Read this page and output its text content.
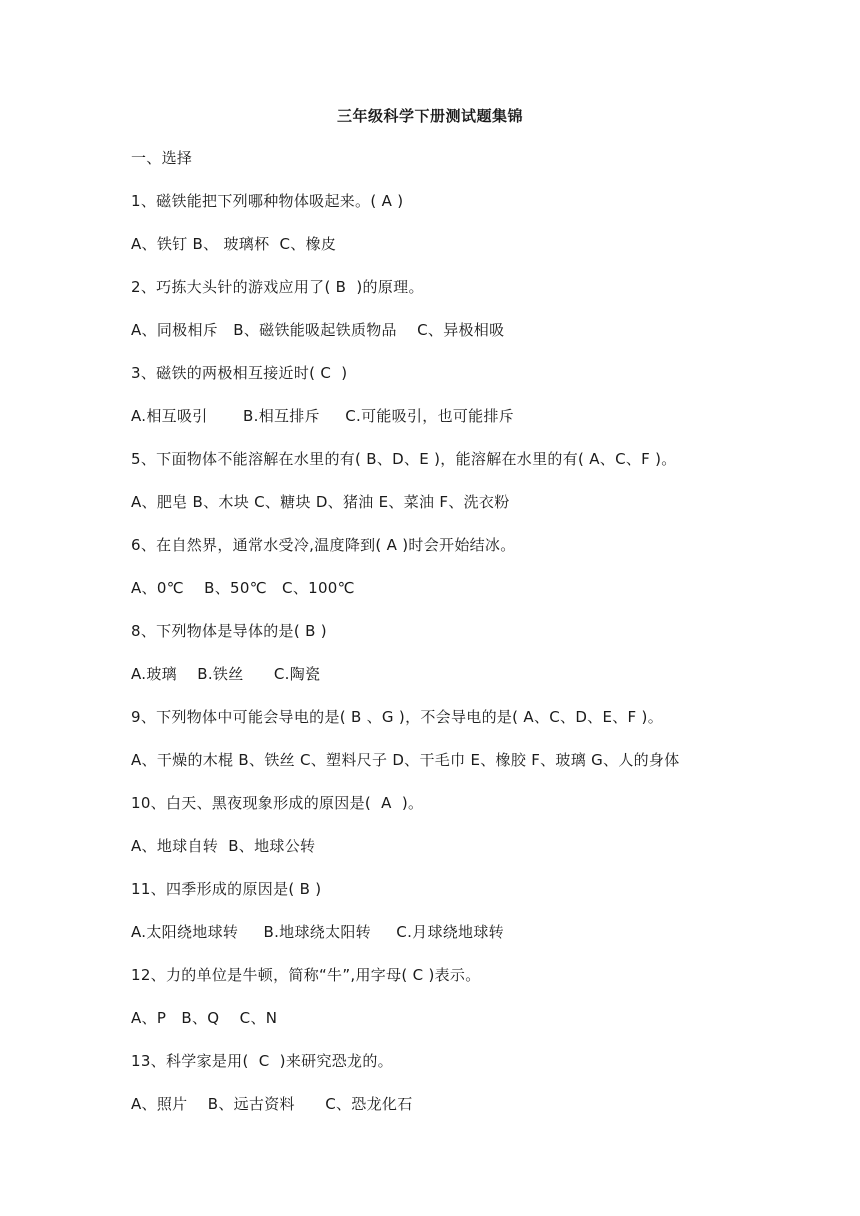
三年级科学下册测试题集锦
一、选择
1、磁铁能把下列哪种物体吸起来。( A )
A、铁钉 B、 玻璃杯  C、橡皮
2、巧拣大头针的游戏应用了( B  )的原理。
A、同极相斥   B、磁铁能吸起铁质物品    C、异极相吸
3、磁铁的两极相互接近时( C  )
A.相互吸引       B.相互排斥     C.可能吸引，也可能排斥
5、下面物体不能溶解在水里的有( B、D、E )，能溶解在水里的有( A、C、F )。
A、肥皂 B、木块 C、糖块 D、猪油 E、菜油 F、洗衣粉
6、在自然界，通常水受冷,温度降到( A )时会开始结冰。
A、0℃    B、50℃   C、100℃
8、下列物体是导体的是( B )
A.玻璃    B.铁丝      C.陶瓷
9、下列物体中可能会导电的是( B 、G )，不会导电的是( A、C、D、E、F )。
A、干燥的木棍 B、铁丝 C、塑料尺子 D、干毛巾 E、橡胶 F、玻璃 G、人的身体
10、白天、黑夜现象形成的原因是(  A  )。
A、地球自转  B、地球公转
11、四季形成的原因是( B )
A.太阳绕地球转     B.地球绕太阳转     C.月球绕地球转
12、力的单位是牛顿，简称“牛”,用字母( C )表示。
A、P   B、Q    C、N
13、科学家是用(  C  )来研究恐龙的。
A、照片    B、远古资料      C、恐龙化石
